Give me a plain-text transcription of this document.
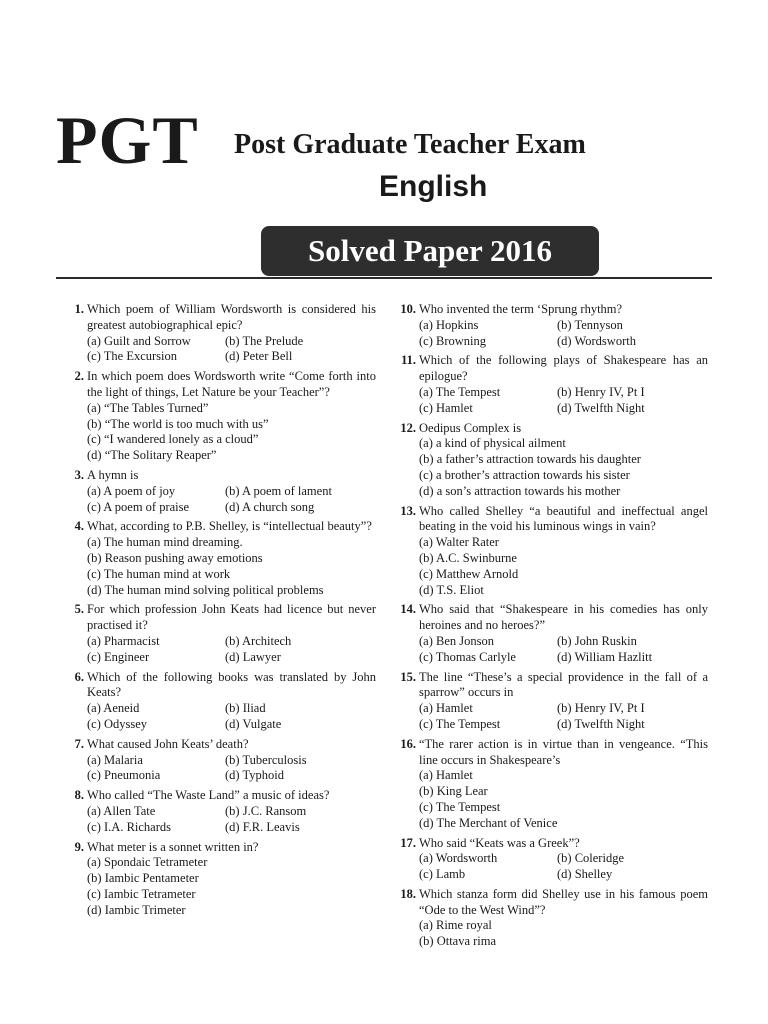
PGT Post Graduate Teacher Exam
English
Solved Paper 2016
1. Which poem of William Wordsworth is considered his greatest autobiographical epic?
(a) Guilt and Sorrow	(b) The Prelude
(c) The Excursion	(d) Peter Bell
2. In which poem does Wordsworth write “Come forth into the light of things, Let Nature be your Teacher”?
(a) “The Tables Turned”
(b) “The world is too much with us”
(c) “I wandered lonely as a cloud”
(d) “The Solitary Reaper”
3. A hymn is
(a) A poem of joy	(b) A poem of lament
(c) A poem of praise	(d) A church song
4. What, according to P.B. Shelley, is “intellectual beauty”?
(a) The human mind dreaming.
(b) Reason pushing away emotions
(c) The human mind at work
(d) The human mind solving political problems
5. For which profession John Keats had licence but never practised it?
(a) Pharmacist	(b) Architech
(c) Engineer	(d) Lawyer
6. Which of the following books was translated by John Keats?
(a) Aeneid	(b) Iliad
(c) Odyssey	(d) Vulgate
7. What caused John Keats’ death?
(a) Malaria	(b) Tuberculosis
(c) Pneumonia	(d) Typhoid
8. Who called “The Waste Land” a music of ideas?
(a) Allen Tate	(b) J.C. Ransom
(c) I.A. Richards	(d) F.R. Leavis
9. What meter is a sonnet written in?
(a) Spondaic Tetrameter
(b) Iambic Pentameter
(c) Iambic Tetrameter
(d) Iambic Trimeter
10. Who invented the term ‘Sprung rhythm?
(a) Hopkins	(b) Tennyson
(c) Browning	(d) Wordsworth
11. Which of the following plays of Shakespeare has an epilogue?
(a) The Tempest	(b) Henry IV, Pt I
(c) Hamlet	(d) Twelfth Night
12. Oedipus Complex is
(a) a kind of physical ailment
(b) a father’s attraction towards his daughter
(c) a brother’s attraction towards his sister
(d) a son’s attraction towards his mother
13. Who called Shelley “a beautiful and ineffectual angel beating in the void his luminous wings in vain?
(a) Walter Rater
(b) A.C. Swinburne
(c) Matthew Arnold
(d) T.S. Eliot
14. Who said that “Shakespeare in his comedies has only heroines and no heroes?”
(a) Ben Jonson	(b) John Ruskin
(c) Thomas Carlyle	(d) William Hazlitt
15. The line “These’s a special providence in the fall of a sparrow” occurs in
(a) Hamlet	(b) Henry IV, Pt I
(c) The Tempest	(d) Twelfth Night
16. “The rarer action is in virtue than in vengeance. “This line occurs in Shakespeare’s
(a) Hamlet
(b) King Lear
(c) The Tempest
(d) The Merchant of Venice
17. Who said “Keats was a Greek”?
(a) Wordsworth	(b) Coleridge
(c) Lamb	(d) Shelley
18. Which stanza form did Shelley use in his famous poem “Ode to the West Wind”?
(a) Rime royal
(b) Ottava rima
